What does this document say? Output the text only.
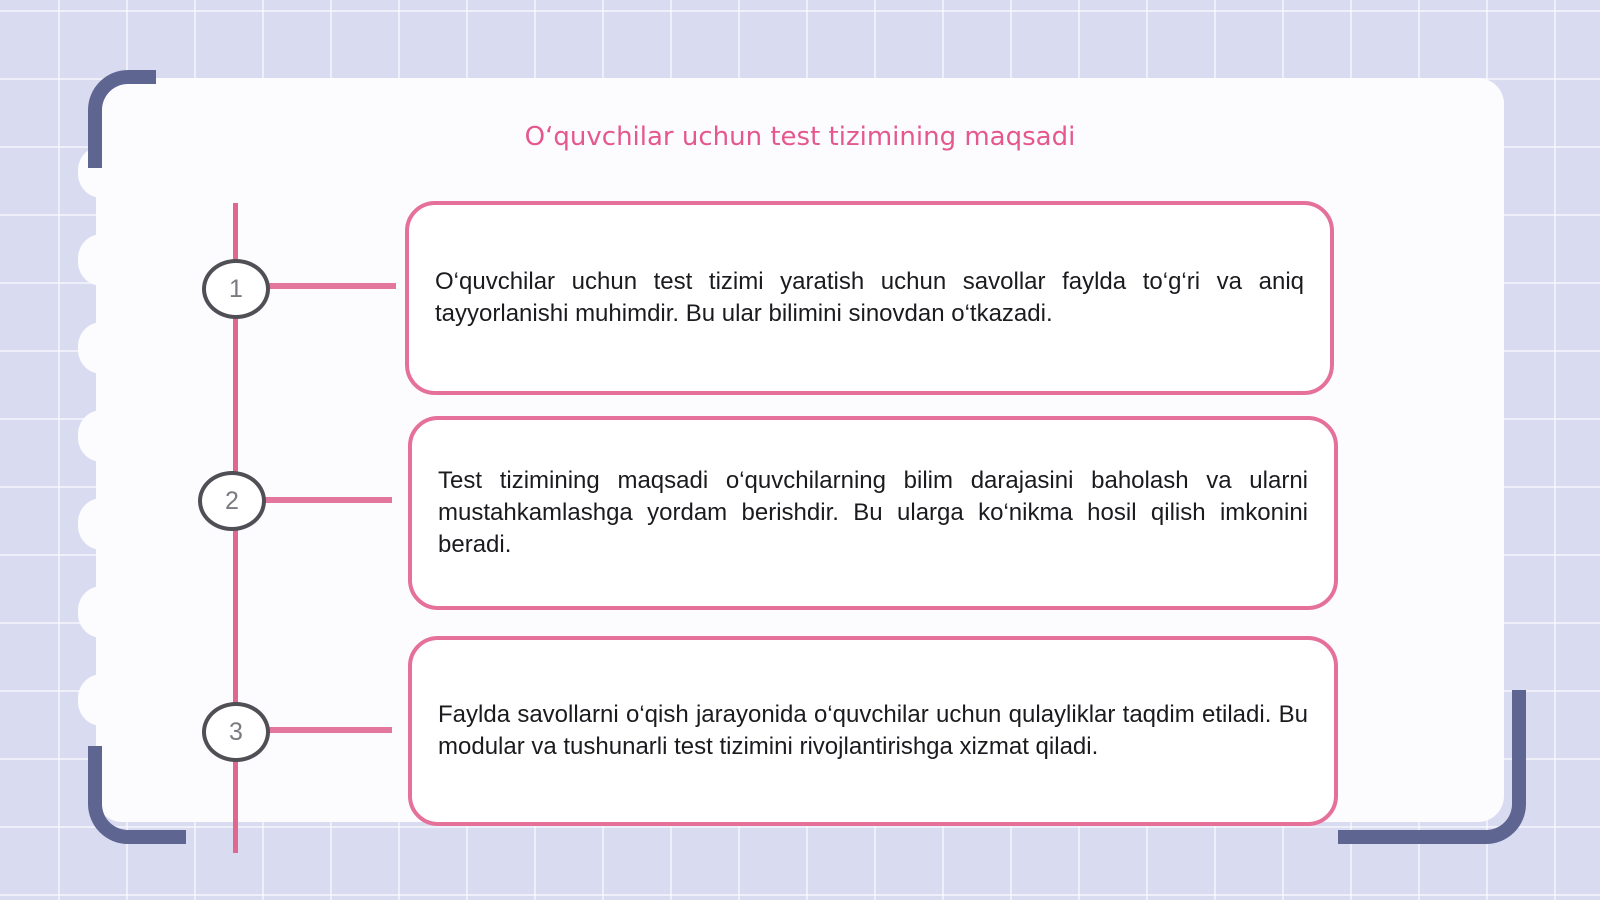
O‘quvchilar uchun test tizimining maqsadi
1	O‘quvchilar uchun test tizimi yaratish uchun savollar faylda to‘g‘ri va aniq tayyorlanishi muhimdir. Bu ular bilimini sinovdan o‘tkazadi.
2
Test tizimining maqsadi o‘quvchilarning bilim darajasini baholash va ularni mustahkamlashga yordam berishdir. Bu ularga ko‘nikma hosil qilish imkonini beradi.
3
Faylda savollarni o‘qish jarayonida o‘quvchilar uchun qulayliklar taqdim etiladi. Bu modular va tushunarli test tizimini rivojlantirishga xizmat qiladi.
